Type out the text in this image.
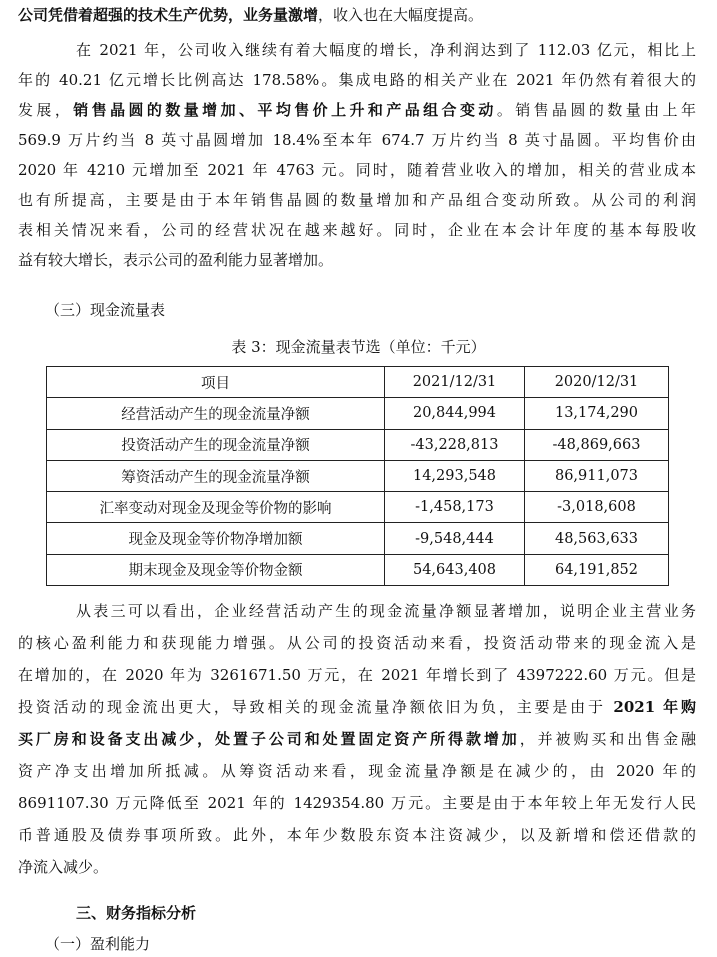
公司凭借着超强的技术生产优势，业务量激增，收入也在大幅度提高。
在 2021 年，公司收入继续有着大幅度的增长，净利润达到了 112.03 亿元，相比上
年的 40.21 亿元增长比例高达 178.58%。集成电路的相关产业在 2021 年仍然有着很大的
发展，销售晶圆的数量增加、平均售价上升和产品组合变动。销售晶圆的数量由上年
569.9 万片约当 8 英寸晶圆增加 18.4%至本年 674.7 万片约当 8 英寸晶圆。平均售价由
2020 年 4210 元增加至 2021 年 4763 元。同时，随着营业收入的增加，相关的营业成本
也有所提高，主要是由于本年销售晶圆的数量增加和产品组合变动所致。从公司的利润
表相关情况来看，公司的经营状况在越来越好。同时，企业在本会计年度的基本每股收
益有较大增长，表示公司的盈利能力显著增加。
（三）现金流量表
表 3：现金流量表节选（单位：千元）
项目	2021/12/31	2020/12/31
经营活动产生的现金流量净额	20,844,994	13,174,290
投资活动产生的现金流量净额	-43,228,813	-48,869,663
筹资活动产生的现金流量净额	14,293,548	86,911,073
汇率变动对现金及现金等价物的影响	-1,458,173	-3,018,608
现金及现金等价物净增加额	-9,548,444	48,563,633
期末现金及现金等价物金额	54,643,408	64,191,852
从表三可以看出，企业经营活动产生的现金流量净额显著增加，说明企业主营业务
的核心盈利能力和获现能力增强。从公司的投资活动来看，投资活动带来的现金流入是
在增加的，在 2020 年为 3261671.50 万元，在 2021 年增长到了 4397222.60 万元。但是
投资活动的现金流出更大，导致相关的现金流量净额依旧为负，主要是由于 2021 年购
买厂房和设备支出减少，处置子公司和处置固定资产所得款增加，并被购买和出售金融
资产净支出增加所抵减。从筹资活动来看，现金流量净额是在减少的，由 2020 年的
8691107.30 万元降低至 2021 年的 1429354.80 万元。主要是由于本年较上年无发行人民
币普通股及债券事项所致。此外，本年少数股东资本注资减少，以及新增和偿还借款的
净流入减少。
三、财务指标分析
（一）盈利能力
